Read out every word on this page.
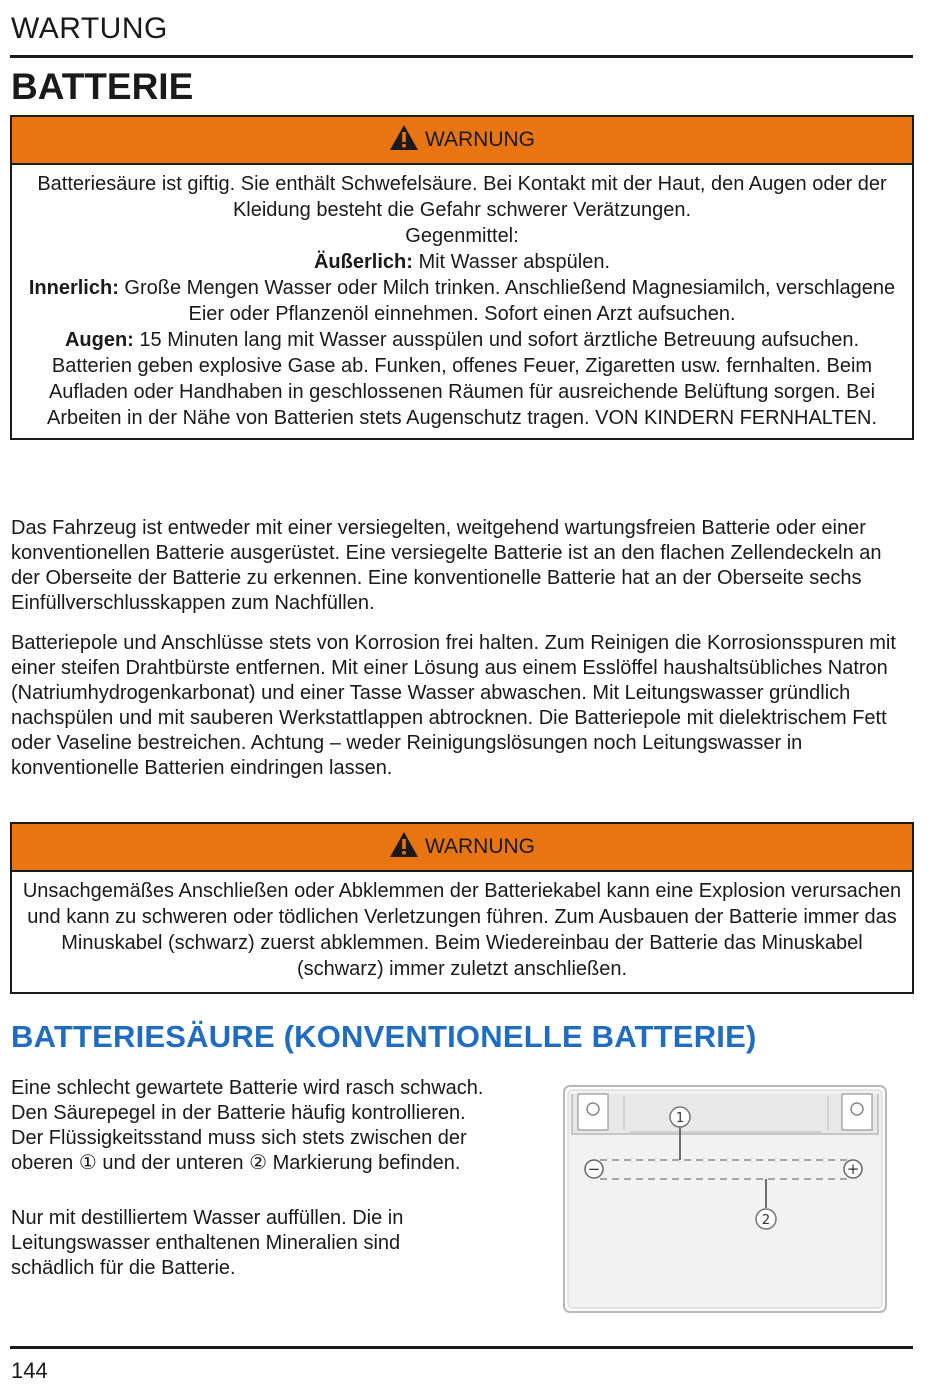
WARTUNG
BATTERIE
WARNUNG

Batteriesäure ist giftig. Sie enthält Schwefelsäure. Bei Kontakt mit der Haut, den Augen oder der Kleidung besteht die Gefahr schwerer Verätzungen.

Gegenmittel:

Äußerlich: Mit Wasser abspülen.

Innerlich: Große Mengen Wasser oder Milch trinken. Anschließend Magnesiamilch, verschlagene Eier oder Pflanzenöl einnehmen. Sofort einen Arzt aufsuchen.

Augen: 15 Minuten lang mit Wasser ausspülen und sofort ärztliche Betreuung aufsuchen.

Batterien geben explosive Gase ab. Funken, offenes Feuer, Zigaretten usw. fernhalten. Beim Aufladen oder Handhaben in geschlossenen Räumen für ausreichende Belüftung sorgen. Bei Arbeiten in der Nähe von Batterien stets Augenschutz tragen. VON KINDERN FERNHALTEN.

Das Fahrzeug ist entweder mit einer versiegelten, weitgehend wartungsfreien Batterie oder einer konventionellen Batterie ausgerüstet. Eine versiegelte Batterie ist an den flachen Zellendeckeln an der Oberseite der Batterie zu erkennen. Eine konventionelle Batterie hat an der Oberseite sechs Einfüllverschlusskappen zum Nachfüllen.

Batteriepole und Anschlüsse stets von Korrosion frei halten. Zum Reinigen die Korrosionsspuren mit einer steifen Drahtbürste entfernen. Mit einer Lösung aus einem Esslöffel haushaltsübliches Natron (Natriumhydrogenkarbonat) und einer Tasse Wasser abwaschen. Mit Leitungswasser gründlich nachspülen und mit sauberen Werkstattlappen abtrocknen. Die Batteriepole mit dielektrischem Fett oder Vaseline bestreichen. Achtung – weder Reinigungslösungen noch Leitungswasser in konventionelle Batterien eindringen lassen.

WARNUNG

Unsachgemäßes Anschließen oder Abklemmen der Batteriekabel kann eine Explosion verursachen und kann zu schweren oder tödlichen Verletzungen führen. Zum Ausbauen der Batterie immer das Minuskabel (schwarz) zuerst abklemmen. Beim Wiedereinbau der Batterie das Minuskabel (schwarz) immer zuletzt anschließen.

BATTERIESÄURE (KONVENTIONELLE BATTERIE)

Eine schlecht gewartete Batterie wird rasch schwach. Den Säurepegel in der Batterie häufig kontrollieren. Der Flüssigkeitsstand muss sich stets zwischen der oberen ① und der unteren ② Markierung befinden.

Nur mit destilliertem Wasser auffüllen. Die in Leitungswasser enthaltenen Mineralien sind schädlich für die Batterie.

−	+
1
2
144
